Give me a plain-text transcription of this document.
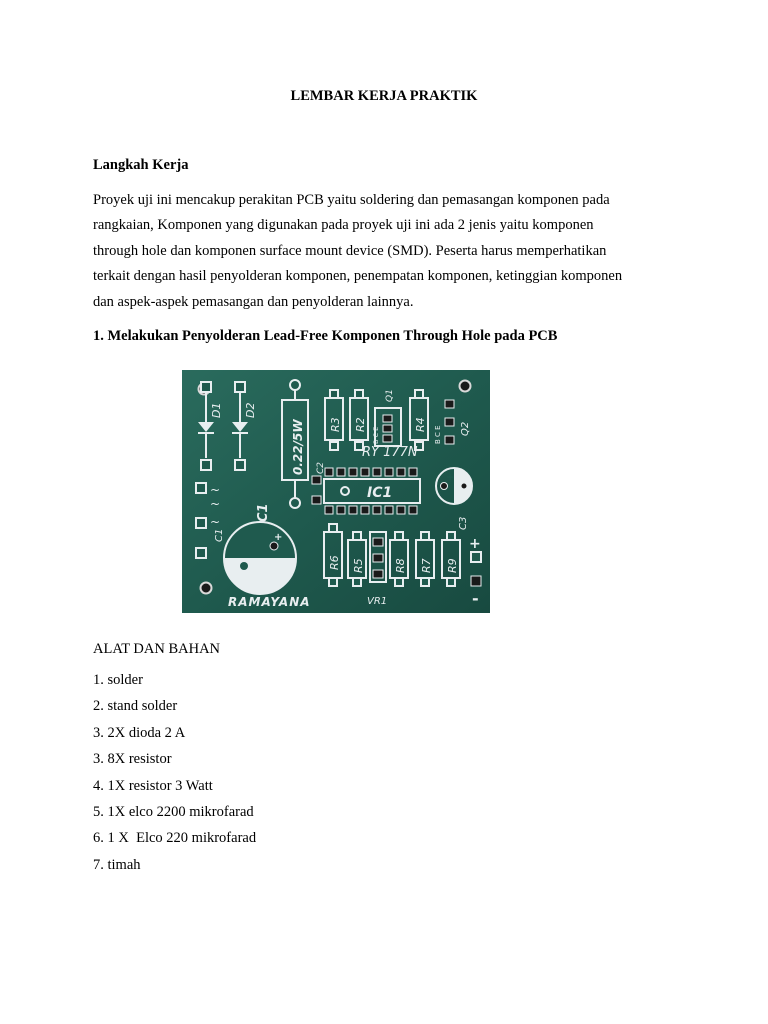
LEMBAR KERJA PRAKTIK
Langkah Kerja
Proyek uji ini mencakup perakitan PCB yaitu soldering dan pemasangan komponen pada
rangkaian, Komponen yang digunakan pada proyek uji ini ada 2 jenis yaitu komponen
through hole dan komponen surface mount device (SMD). Peserta harus memperhatikan
terkait dengan hasil penyolderan komponen, penempatan komponen, ketinggian komponen
dan aspek-aspek pemasangan dan penyolderan lainnya.
1. Melakukan Penyolderan Lead-Free Komponen Through Hole pada PCB
D1 D2
0.22/5W R3 R2
Q1
B C E
R4
B C E Q2
RY 177N
IC1
C2
+
C3
~
~
~
C1
C1
+
R6 R5
VR1
R8 R7 R9
+
-
RAMAYANA
ALAT DAN BAHAN
1. solder
2. stand solder
3. 2X dioda 2 A
3. 8X resistor
4. 1X resistor 3 Watt
5. 1X elco 2200 mikrofarad
6. 1 X  Elco 220 mikrofarad
7. timah
